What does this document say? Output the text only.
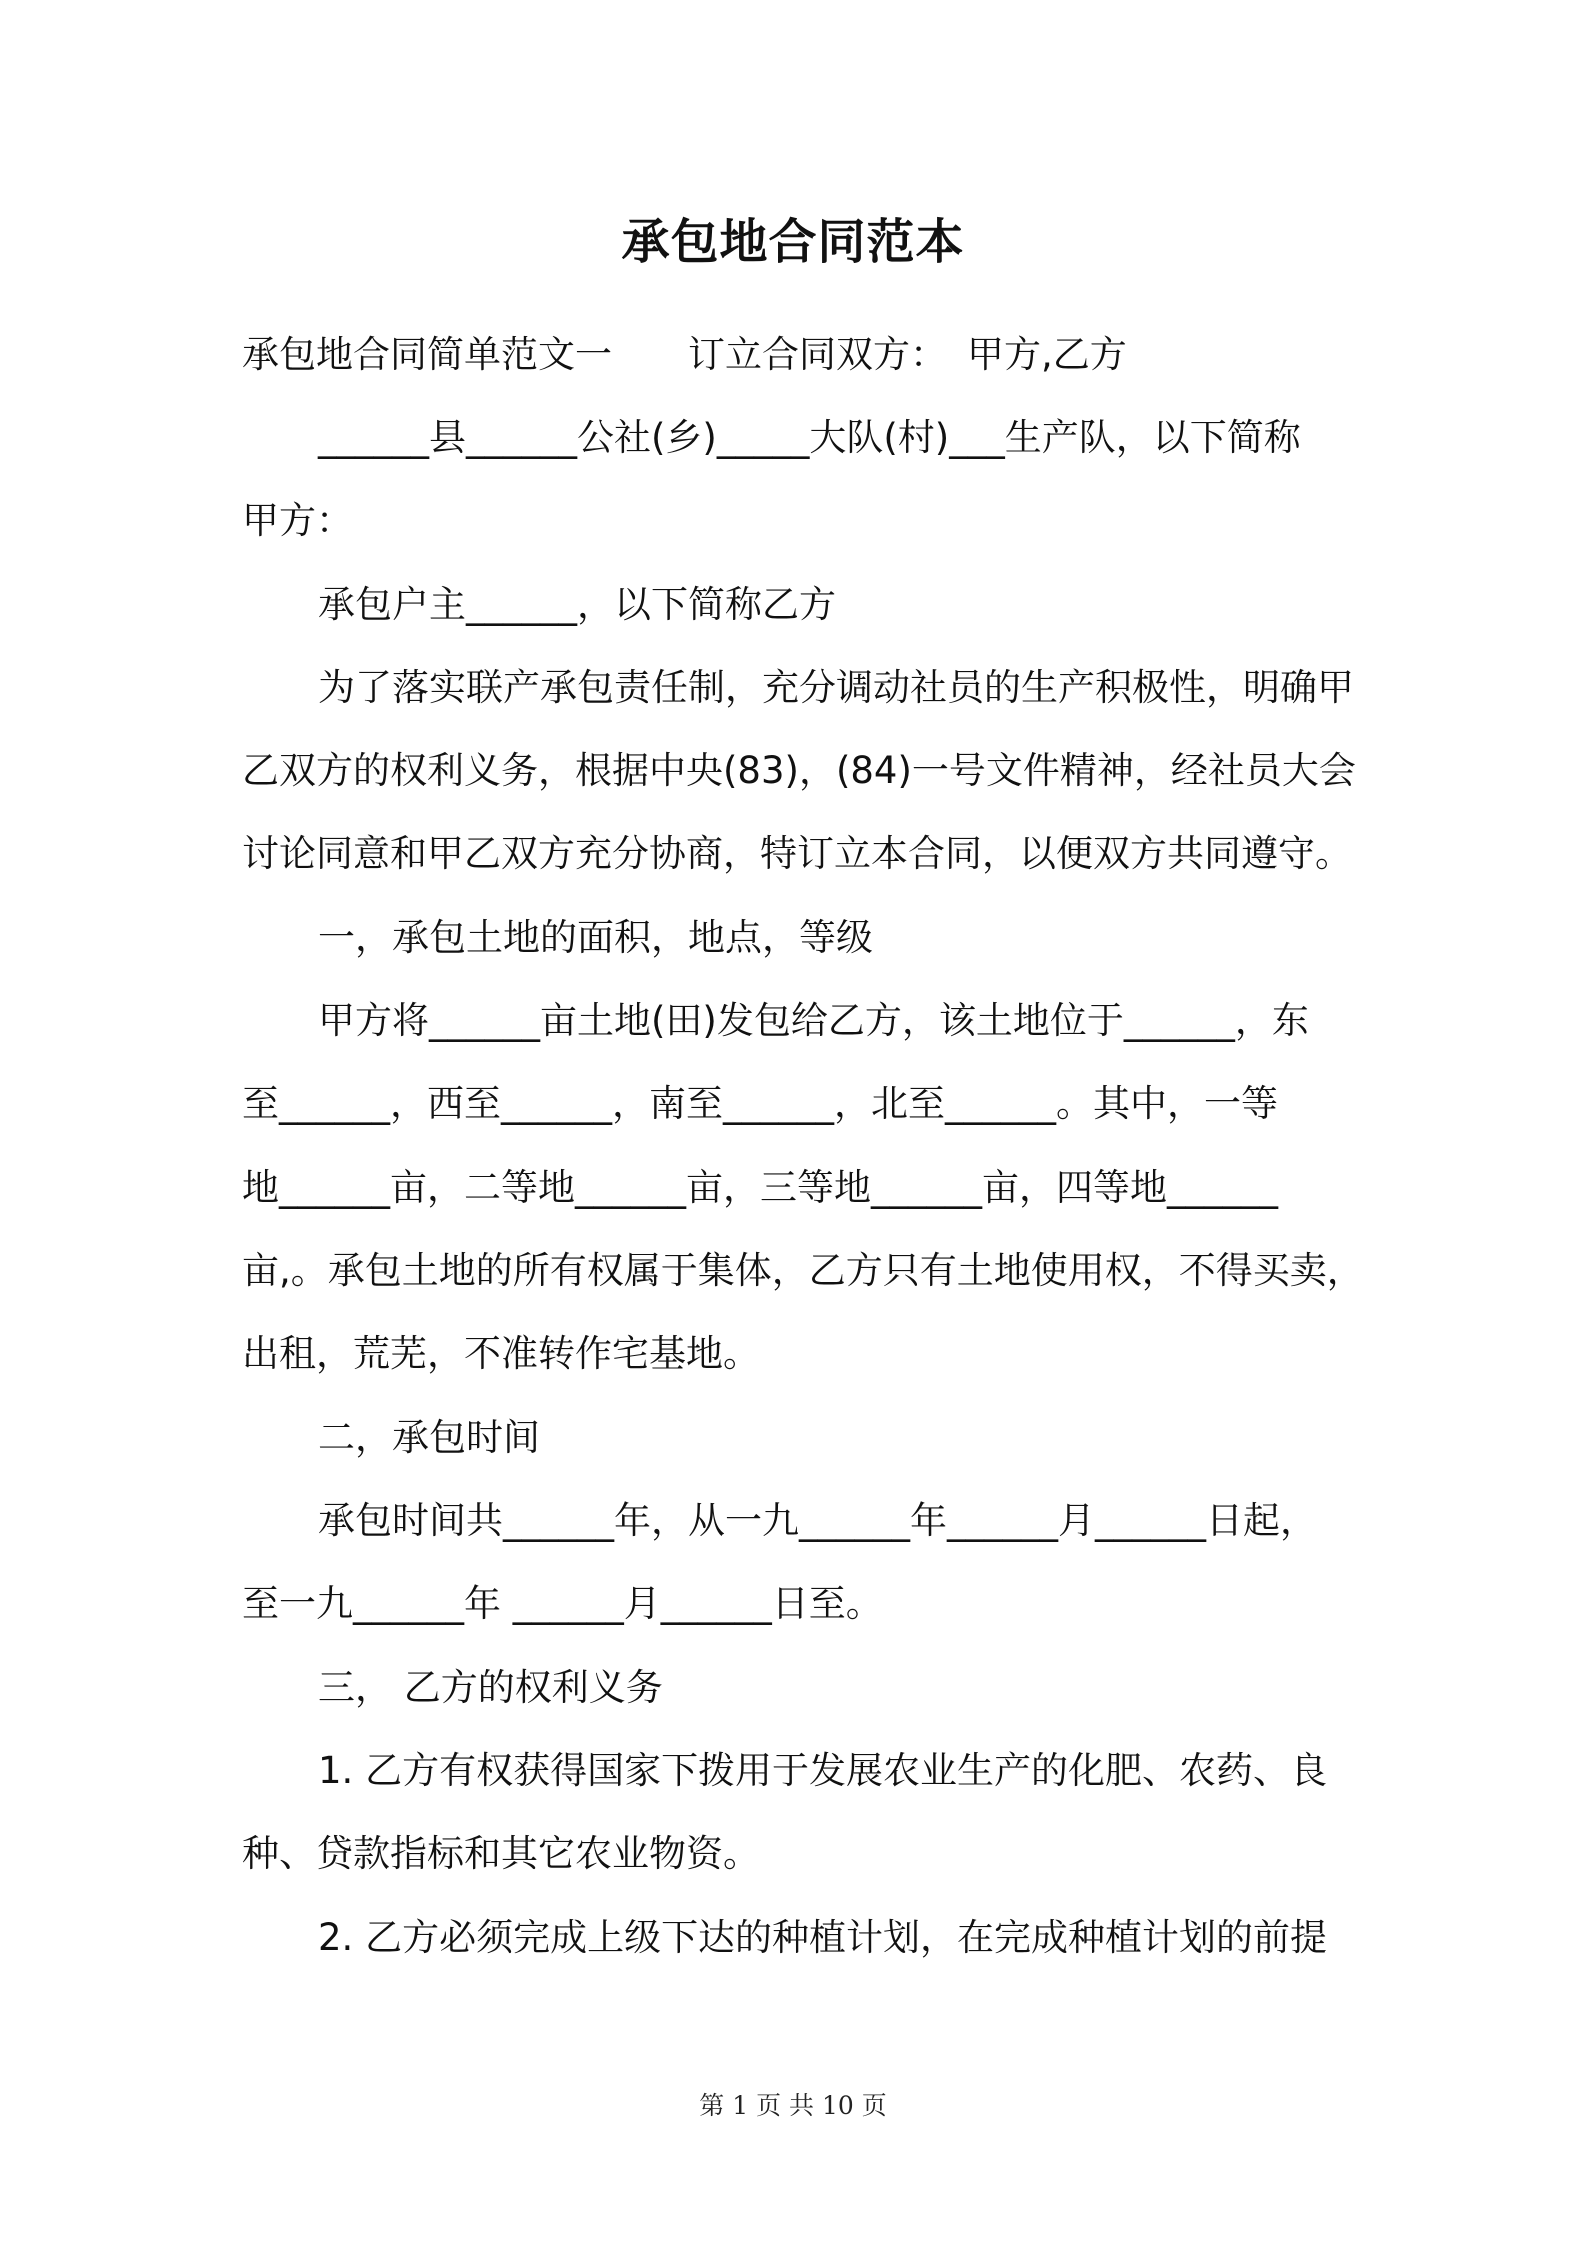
承包地合同范本
承包地合同简单范文一 订立合同双方： 甲方,乙方
______县______公社(乡)_____大队(村)___生产队，以下简称
甲方：
承包户主______，以下简称乙方
为了落实联产承包责任制，充分调动社员的生产积极性，明确甲
乙双方的权利义务，根据中央(83)，(84)一号文件精神，经社员大会
讨论同意和甲乙双方充分协商，特订立本合同，以便双方共同遵守。
一，承包土地的面积，地点，等级
甲方将______亩土地(田)发包给乙方，该土地位于______，东
至______，西至______，南至______，北至______。其中，一等
地______亩，二等地______亩，三等地______亩，四等地______
亩,。承包土地的所有权属于集体，乙方只有土地使用权，不得买卖，
出租，荒芜，不准转作宅基地。
二，承包时间
承包时间共______年，从一九______年______月______日起，
至一九______年 ______月______日至。
三， 乙方的权利义务
1. 乙方有权获得国家下拨用于发展农业生产的化肥、农药、良
种、贷款指标和其它农业物资。
2. 乙方必须完成上级下达的种植计划，在完成种植计划的前提
第 1 页 共 10 页
